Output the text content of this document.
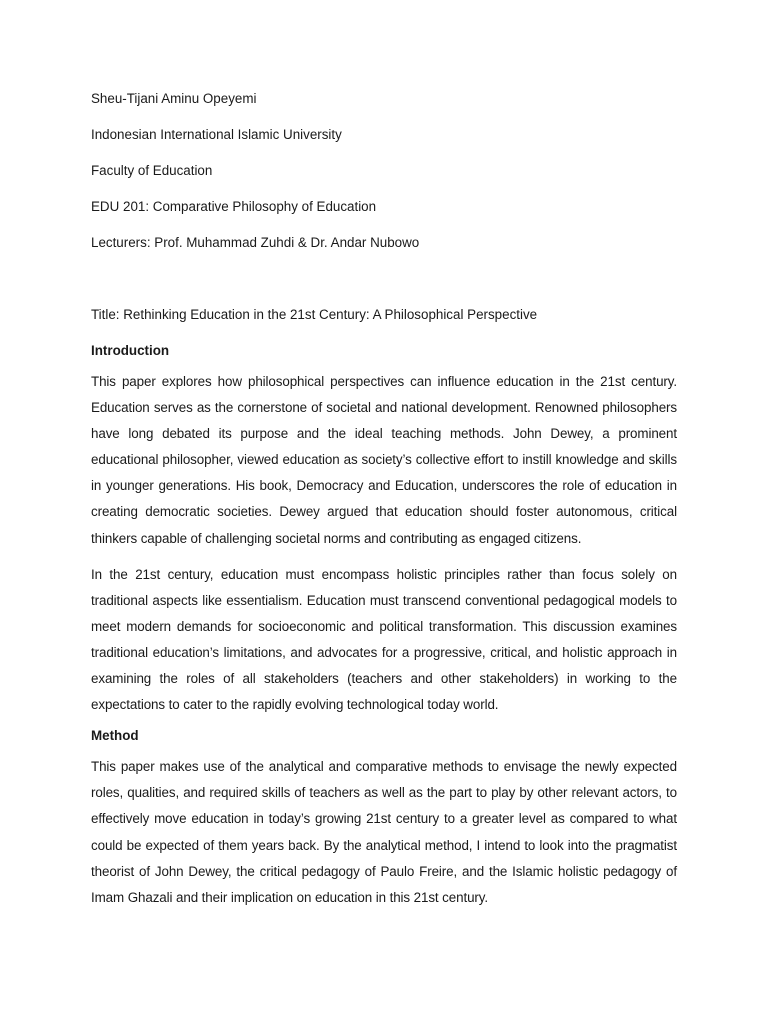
Sheu-Tijani Aminu Opeyemi
Indonesian International Islamic University
Faculty of Education
EDU 201: Comparative Philosophy of Education
Lecturers: Prof. Muhammad Zuhdi & Dr. Andar Nubowo
Title: Rethinking Education in the 21st Century: A Philosophical Perspective
Introduction

This paper explores how philosophical perspectives can influence education in the 21st century. Education serves as the cornerstone of societal and national development. Renowned philosophers have long debated its purpose and the ideal teaching methods. John Dewey, a prominent educational philosopher, viewed education as society’s collective effort to instill knowledge and skills in younger generations. His book, Democracy and Education, underscores the role of education in creating democratic societies. Dewey argued that education should foster autonomous, critical thinkers capable of challenging societal norms and contributing as engaged citizens.

In the 21st century, education must encompass holistic principles rather than focus solely on traditional aspects like essentialism. Education must transcend conventional pedagogical models to meet modern demands for socioeconomic and political transformation. This discussion examines traditional education’s limitations, and advocates for a progressive, critical, and holistic approach in examining the roles of all stakeholders (teachers and other stakeholders) in working to the expectations to cater to the rapidly evolving technological today world.

Method

This paper makes use of the analytical and comparative methods to envisage the newly expected roles, qualities, and required skills of teachers as well as the part to play by other relevant actors, to effectively move education in today’s growing 21st century to a greater level as compared to what could be expected of them years back. By the analytical method, I intend to look into the pragmatist theorist of John Dewey, the critical pedagogy of Paulo Freire, and the Islamic holistic pedagogy of Imam Ghazali and their implication on education in this 21st century.
